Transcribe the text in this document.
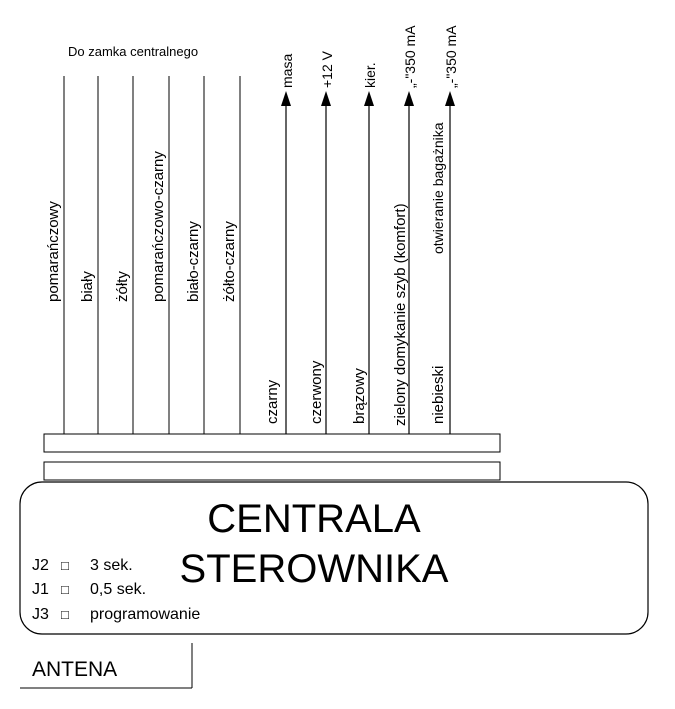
Do zamka centralnego
pomarańczowy biały żółty pomarańczowo-czarny biało-czarny żółto-czarny
masa
czarny
+12 V
czerwony
kier.
brązowy
„-"350 mA
zielony domykanie szyb (komfort)
„-"350 mA
otwieranie bagażnika
niebieski
CENTRALA
STEROWNIKA
J2 □ 3 sek.
J1 □ 0,5 sek.
J3 □ programowanie
ANTENA
